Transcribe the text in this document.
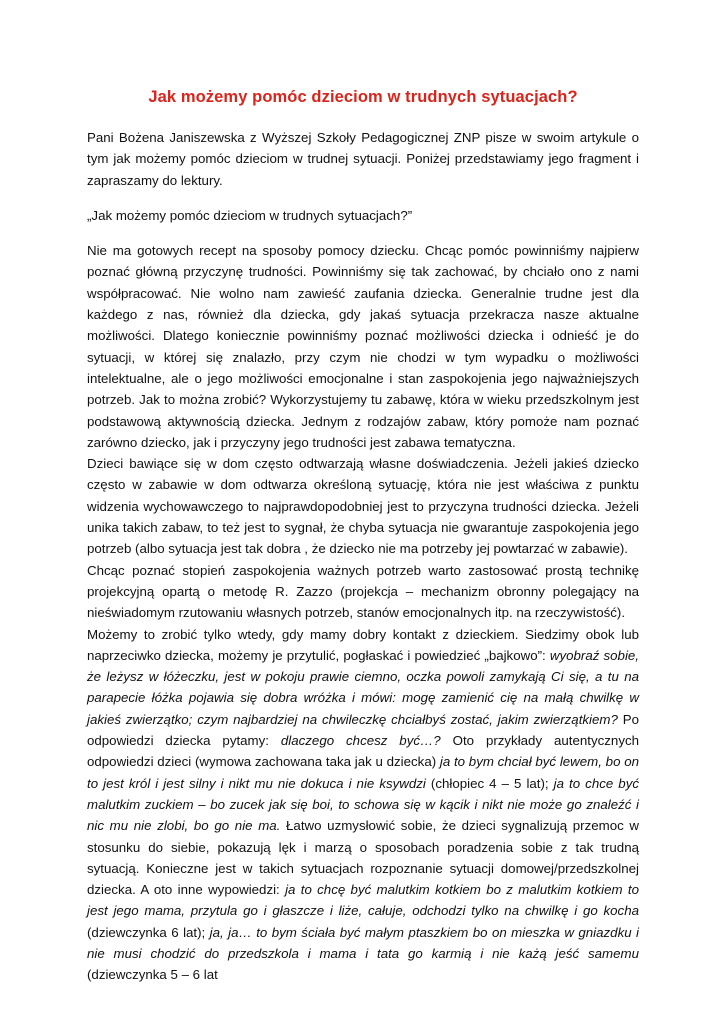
Jak możemy pomóc dzieciom w trudnych sytuacjach?

Pani Bożena Janiszewska z Wyższej Szkoły Pedagogicznej ZNP pisze w swoim artykule o tym jak możemy pomóc dzieciom w trudnej sytuacji. Poniżej przedstawiamy jego fragment i zapraszamy do lektury.

„Jak możemy pomóc dzieciom w trudnych sytuacjach?”

Nie ma gotowych recept na sposoby pomocy dziecku. Chcąc pomóc powinniśmy najpierw poznać główną przyczynę trudności. Powinniśmy się tak zachować, by chciało ono z nami współpracować. Nie wolno nam zawieść zaufania dziecka. Generalnie trudne jest dla każdego z nas, również dla dziecka, gdy jakaś sytuacja przekracza nasze aktualne możliwości. Dlatego koniecznie powinniśmy poznać możliwości dziecka i odnieść je do sytuacji, w której się znalazło, przy czym nie chodzi w tym wypadku o możliwości intelektualne, ale o jego możliwości emocjonalne i stan zaspokojenia jego najważniejszych potrzeb. Jak to można zrobić? Wykorzystujemy tu zabawę, która w wieku przedszkolnym jest podstawową aktywnością dziecka. Jednym z rodzajów zabaw, który pomoże nam poznać zarówno dziecko, jak i przyczyny jego trudności jest zabawa tematyczna.

Dzieci bawiące się w dom często odtwarzają własne doświadczenia. Jeżeli jakieś dziecko często w zabawie w dom odtwarza określoną sytuację, która nie jest właściwa z punktu widzenia wychowawczego to najprawdopodobniej jest to przyczyna trudności dziecka. Jeżeli unika takich zabaw, to też jest to sygnał, że chyba sytuacja nie gwarantuje zaspokojenia jego potrzeb (albo sytuacja jest tak dobra , że dziecko nie ma potrzeby jej powtarzać w zabawie).

Chcąc poznać stopień zaspokojenia ważnych potrzeb warto zastosować prostą technikę projekcyjną opartą o metodę R. Zazzo (projekcja – mechanizm obronny polegający na nieświadomym rzutowaniu własnych potrzeb, stanów emocjonalnych itp. na rzeczywistość).

Możemy to zrobić tylko wtedy, gdy mamy dobry kontakt z dzieckiem. Siedzimy obok lub naprzeciwko dziecka, możemy je przytulić, pogłaskać i powiedzieć „bajkowo”: wyobraź sobie, że leżysz w łóżeczku, jest w pokoju prawie ciemno, oczka powoli zamykają Ci się, a tu na parapecie łóżka pojawia się dobra wróżka i mówi: mogę zamienić cię na małą chwilkę w jakieś zwierzątko; czym najbardziej na chwileczkę chciałbyś zostać, jakim zwierzątkiem? Po odpowiedzi dziecka pytamy: dlaczego chcesz być…? Oto przykłady autentycznych odpowiedzi dzieci (wymowa zachowana taka jak u dziecka) ja to bym chciał być lewem, bo on to jest król i jest silny i nikt mu nie dokuca i nie ksywdzi (chłopiec 4 – 5 lat); ja to chce być malutkim zuckiem – bo zucek jak się boi, to schowa się w kącik i nikt nie może go znaleźć i nic mu nie zlobi, bo go nie ma. Łatwo uzmysłowić sobie, że dzieci sygnalizują przemoc w stosunku do siebie, pokazują lęk i marzą o sposobach poradzenia sobie z tak trudną sytuacją. Konieczne jest w takich sytuacjach rozpoznanie sytuacji domowej/przedszkolnej dziecka. A oto inne wypowiedzi: ja to chcę być malutkim kotkiem bo z malutkim kotkiem to jest jego mama, przytula go i głaszcze i liże, całuje, odchodzi tylko na chwilkę i go kocha (dziewczynka 6 lat); ja, ja… to bym ściała być małym ptaszkiem bo on mieszka w gniazdku i nie musi chodzić do przedszkola i mama i tata go karmią i nie każą jeść samemu (dziewczynka 5 – 6 lat
